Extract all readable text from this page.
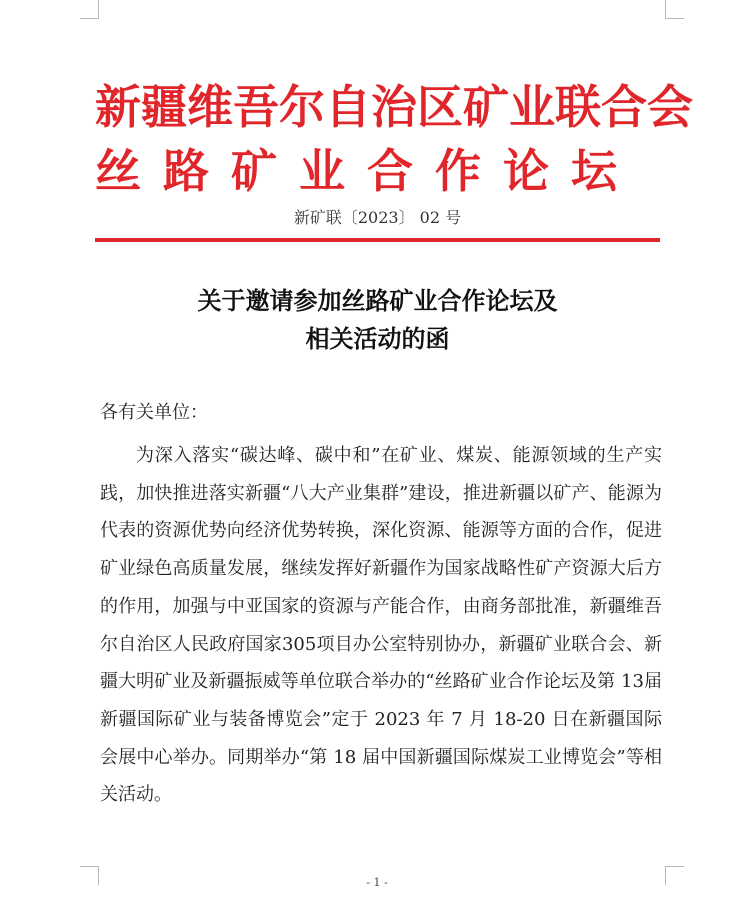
新疆维吾尔自治区矿业联合会
丝路矿业合作论坛
新矿联〔2023〕 02 号
关于邀请参加丝路矿业合作论坛及
相关活动的函
各有关单位：

为深入落实“碳达峰、碳中和”在矿业、煤炭、能源领域的生产实践，加快推进落实新疆“八大产业集群”建设，推进新疆以矿产、能源为代表的资源优势向经济优势转换，深化资源、能源等方面的合作，促进矿业绿色高质量发展，继续发挥好新疆作为国家战略性矿产资源大后方的作用，加强与中亚国家的资源与产能合作，由商务部批准，新疆维吾尔自治区人民政府国家305项目办公室特别协办，新疆矿业联合会、新疆大明矿业及新疆振威等单位联合举办的“丝路矿业合作论坛及第 13届新疆国际矿业与装备博览会”定于 2023 年 7 月 18-20 日在新疆国际会展中心举办。同期举办“第 18 届中国新疆国际煤炭工业博览会”等相关活动。

- 1 -
